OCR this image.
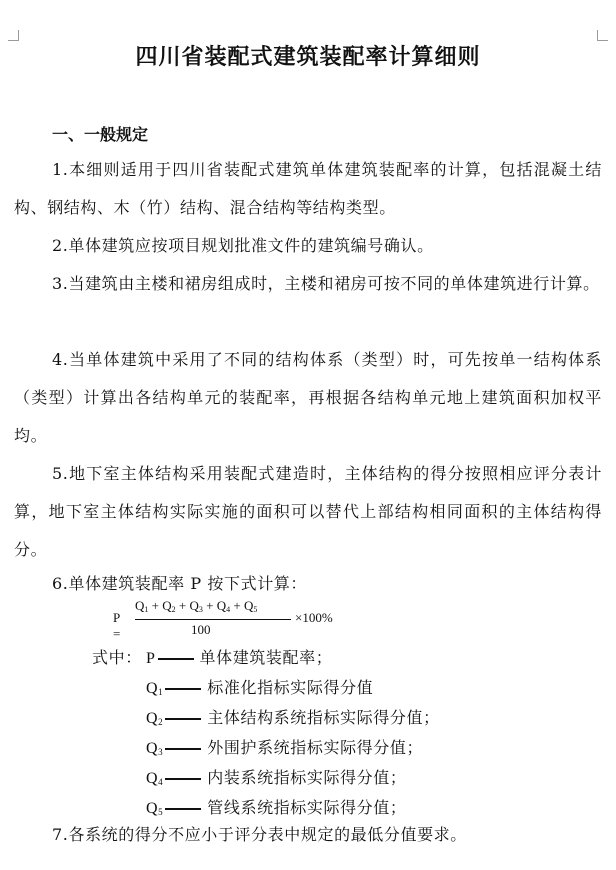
四川省装配式建筑装配率计算细则
一、一般规定
1.本细则适用于四川省装配式建筑单体建筑装配率的计算，包括混凝土结构、钢结构、木（竹）结构、混合结构等结构类型。
2.单体建筑应按项目规划批准文件的建筑编号确认。
3.当建筑由主楼和裙房组成时，主楼和裙房可按不同的单体建筑进行计算。
4.当单体建筑中采用了不同的结构体系（类型）时，可先按单一结构体系（类型）计算出各结构单元的装配率，再根据各结构单元地上建筑面积加权平均。
5.地下室主体结构采用装配式建造时，主体结构的得分按照相应评分表计算，地下室主体结构实际实施的面积可以替代上部结构相同面积的主体结构得分。
6.单体建筑装配率 P 按下式计算：
P =
$Q_1 + Q_2 + Q_3 + Q_4 + Q_5$
100
×100%
式中： P	单体建筑装配率；
$Q_1$	标准化指标实际得分值
$Q_2$	主体结构系统指标实际得分值；
$Q_3$	外围护系统指标实际得分值；
$Q_4$	内装系统指标实际得分值；
$Q_5$	管线系统指标实际得分值；
7.各系统的得分不应小于评分表中规定的最低分值要求。
